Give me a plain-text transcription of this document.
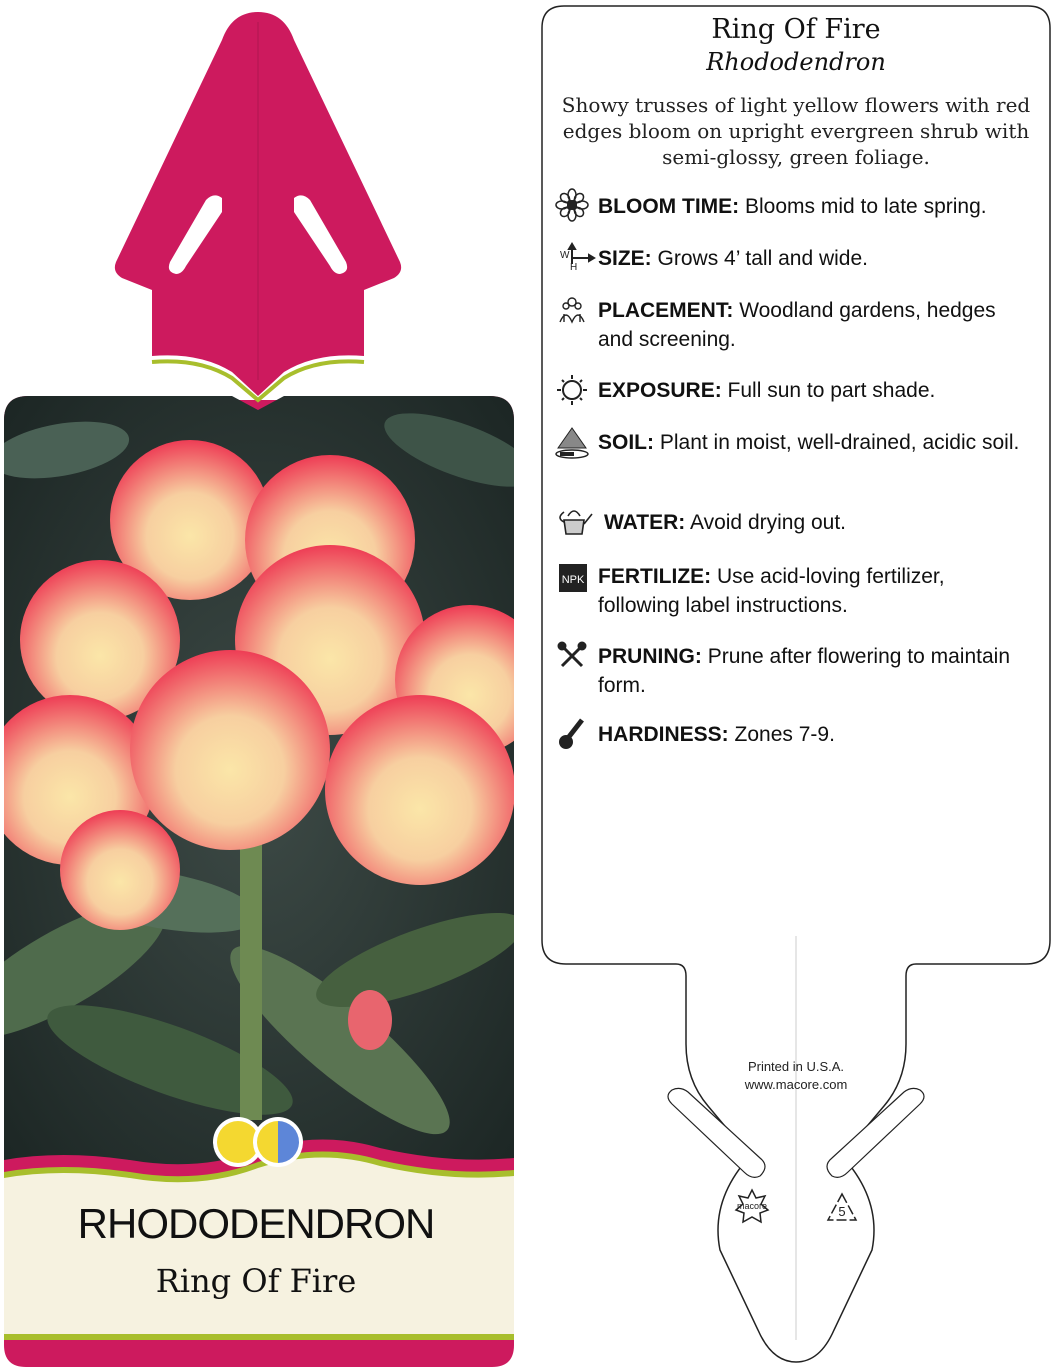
NPK
macore	5
W
H
Ring Of Fire
Rhododendron
Showy trusses of light yellow flowers with red edges bloom on upright evergreen shrub with semi-glossy, green foliage.
BLOOM TIME: Blooms mid to late spring.
SIZE: Grows 4’ tall and wide.
PLACEMENT: Woodland gardens, hedges and screening.
EXPOSURE: Full sun to part shade.
SOIL: Plant in moist, well-drained, acidic soil.
WATER: Avoid drying out.
FERTILIZE: Use acid-loving fertilizer, following label instructions.
PRUNING: Prune after flowering to maintain form.
HARDINESS: Zones 7-9.
Printed in U.S.A.
www.macore.com
RHODODENDRON
Ring Of Fire
